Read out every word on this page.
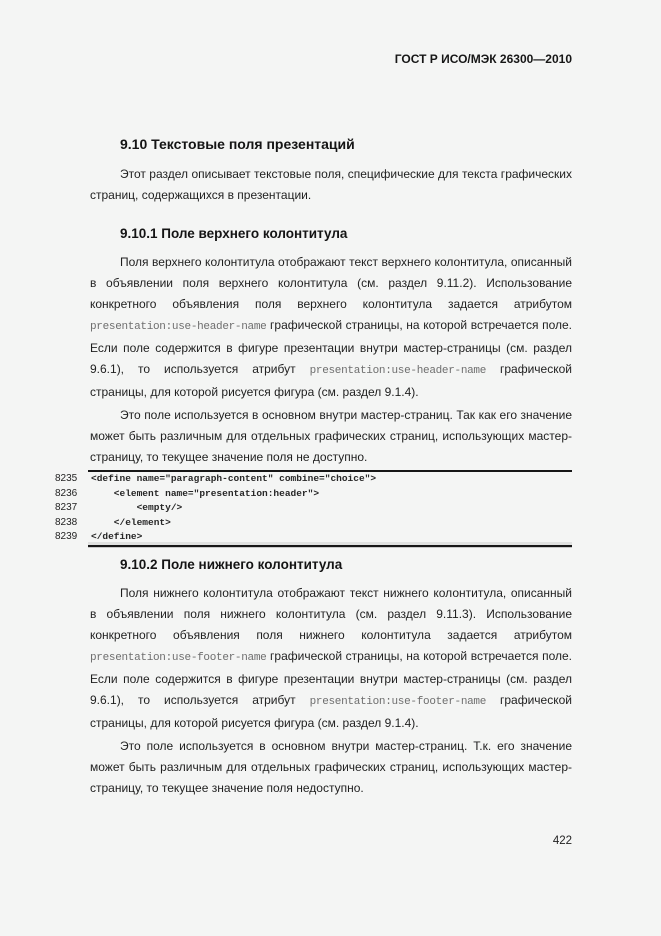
ГОСТ Р ИСО/МЭК 26300—2010
9.10 Текстовые поля презентаций

Этот раздел описывает текстовые поля, специфические для текста графических страниц, содержащихся в презентации.

9.10.1 Поле верхнего колонтитула

Поля верхнего колонтитула отображают текст верхнего колонтитула, описанный в объявлении поля верхнего колонтитула (см. раздел 9.11.2). Использование конкретного объявления поля верхнего колонтитула задается атрибутом presentation:use-header-name графической страницы, на которой встречается поле. Если поле содержится в фигуре презентации внутри мастер-страницы (см. раздел 9.6.1), то используется атрибут presentation:use-header-name графической страницы, для которой рисуется фигура (см. раздел 9.1.4).

Это поле используется в основном внутри мастер-страниц. Так как его значение может быть различным для отдельных графических страниц, использующих мастер-страницу, то текущее значение поля не доступно.

8235
8236
8237
8238
8239
<define name="paragraph-content" combine="choice">
<element name="presentation:header">
<empty/>
</element>
</define>
9.10.2 Поле нижнего колонтитула

Поля нижнего колонтитула отображают текст нижнего колонтитула, описанный в объявлении поля нижнего колонтитула (см. раздел 9.11.3). Использование конкретного объявления поля нижнего колонтитула задается атрибутом presentation:use-footer-name графической страницы, на которой встречается поле. Если поле содержится в фигуре презентации внутри мастер-страницы (см. раздел 9.6.1), то используется атрибут presentation:use-footer-name графической страницы, для которой рисуется фигура (см. раздел 9.1.4).

Это поле используется в основном внутри мастер-страниц. Т.к. его значение может быть различным для отдельных графических страниц, использующих мастер-страницу, то текущее значение поля недоступно.

422
